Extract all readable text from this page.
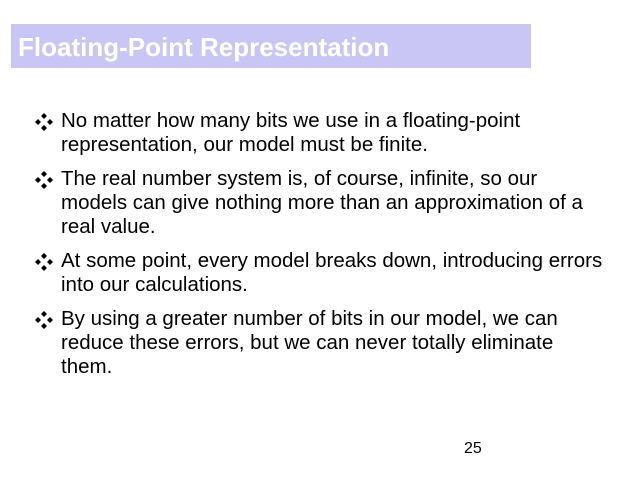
Floating-Point Representation
No matter how many bits we use in a floating-point representation, our model must be finite.
The real number system is, of course, infinite, so our models can give nothing more than an approximation of a real value.
At some point, every model breaks down, introducing errors into our calculations.
By using a greater number of bits in our model, we can reduce these errors, but we can never totally eliminate them.
25
